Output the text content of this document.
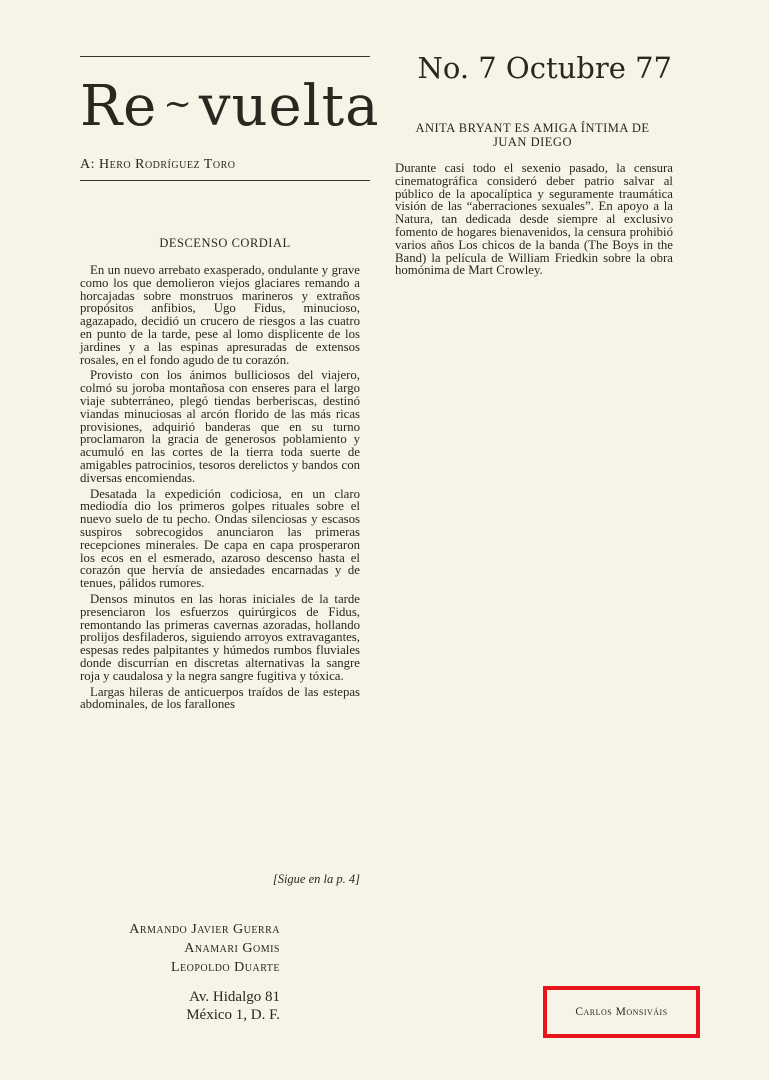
Re ~ vuelta
A: Hero Rodríguez Toro
No. 7 Octubre 77
ANITA BRYANT ES AMIGA ÍNTIMA DE JUAN DIEGO

Durante casi todo el sexenio pasado, la censura cinematográfica consideró deber patrio salvar al público de la apocalíptica y seguramente traumática visión de las “aberraciones sexuales”. En apoyo a la Natura, tan dedicada desde siempre al exclusivo fomento de hogares bienavenidos, la censura prohibió varios años Los chicos de la banda (The Boys in the Band) la película de William Friedkin sobre la obra homónima de Mart Crowley.

DESCENSO CORDIAL

En un nuevo arrebato exasperado, ondulante y grave como los que demolieron viejos glaciares remando a horcajadas sobre monstruos marineros y extraños propósitos anfibios, Ugo Fidus, minucioso, agazapado, decidió un crucero de riesgos a las cuatro en punto de la tarde, pese al lomo displicente de los jardines y a las espinas apresuradas de extensos rosales, en el fondo agudo de tu corazón.

Provisto con los ánimos bulliciosos del viajero, colmó su joroba montañosa con enseres para el largo viaje subterráneo, plegó tiendas berberiscas, destinó viandas minuciosas al arcón florido de las más ricas provisiones, adquirió banderas que en su turno proclamaron la gracia de generosos poblamiento y acumuló en las cortes de la tierra toda suerte de amigables patrocinios, tesoros derelictos y bandos con diversas encomiendas.

Desatada la expedición codiciosa, en un claro mediodía dio los primeros golpes rituales sobre el nuevo suelo de tu pecho. Ondas silenciosas y escasos suspiros sobrecogidos anunciaron las primeras recepciones minerales. De capa en capa prosperaron los ecos en el esmerado, azaroso descenso hasta el corazón que hervía de ansiedades encarnadas y de tenues, pálidos rumores.

Densos minutos en las horas iniciales de la tarde presenciaron los esfuerzos quirúrgicos de Fidus, remontando las primeras cavernas azoradas, hollando prolijos desfiladeros, siguiendo arroyos extravagantes, espesas redes palpitantes y húmedos rumbos fluviales donde discurrían en discretas alternativas la sangre roja y caudalosa y la negra sangre fugitiva y tóxica.

Largas hileras de anticuerpos traídos de las estepas abdominales, de los farallones

[Sigue en la p. 4]
Armando Javier Guerra
Anamari Gomis
Leopoldo Duarte
Av. Hidalgo 81
México 1, D. F.	Carlos Monsiváis
